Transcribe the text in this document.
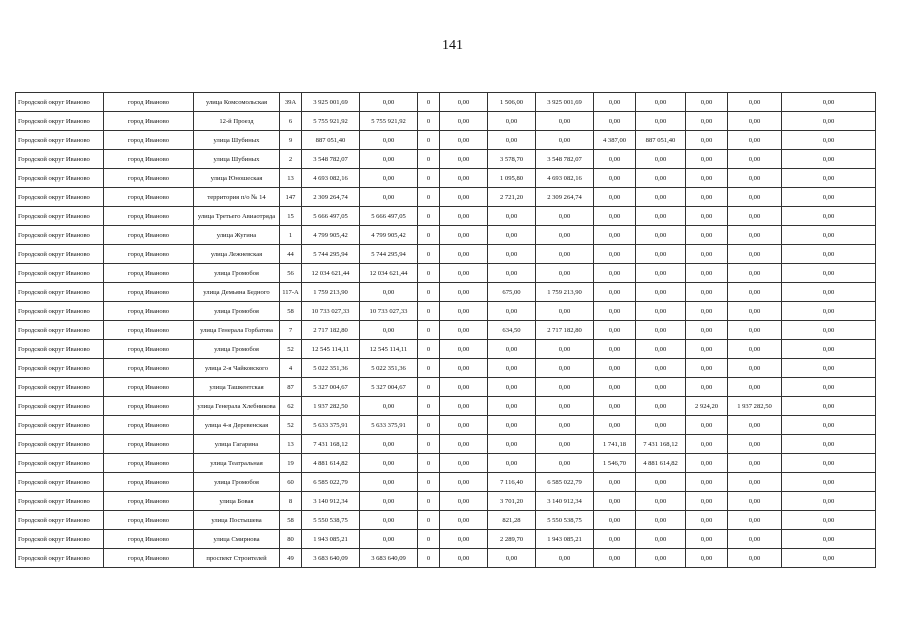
141
Городской округ Иваново	город Иваново	улица Комсомольская	39А	3 925 001,69	0,00	0	0,00	1 506,00	3 925 001,69	0,00	0,00	0,00	0,00	0,00
Городской округ Иваново	город Иваново	12-й Проезд	6	5 755 921,92	5 755 921,92	0	0,00	0,00	0,00	0,00	0,00	0,00	0,00	0,00
Городской округ Иваново	город Иваново	улица Шубиных	9	887 051,40	0,00	0	0,00	0,00	0,00	4 387,00	887 051,40	0,00	0,00	0,00
Городской округ Иваново	город Иваново	улица Шубиных	2	3 548 782,07	0,00	0	0,00	3 578,70	3 548 782,07	0,00	0,00	0,00	0,00	0,00
Городской округ Иваново	город Иваново	улица Юношеская	13	4 693 082,16	0,00	0	0,00	1 095,80	4 693 082,16	0,00	0,00	0,00	0,00	0,00
Городской округ Иваново	город Иваново	территория п/о № 14	147	2 309 264,74	0,00	0	0,00	2 721,20	2 309 264,74	0,00	0,00	0,00	0,00	0,00
Городской округ Иваново	город Иваново	улица Третьего Авиаотряда	15	5 666 497,05	5 666 497,05	0	0,00	0,00	0,00	0,00	0,00	0,00	0,00	0,00
Городской округ Иваново	город Иваново	улица Жугина	1	4 799 905,42	4 799 905,42	0	0,00	0,00	0,00	0,00	0,00	0,00	0,00	0,00
Городской округ Иваново	город Иваново	улица Лежневская	44	5 744 295,94	5 744 295,94	0	0,00	0,00	0,00	0,00	0,00	0,00	0,00	0,00
Городской округ Иваново	город Иваново	улица Громобоя	56	12 034 621,44	12 034 621,44	0	0,00	0,00	0,00	0,00	0,00	0,00	0,00	0,00
Городской округ Иваново	город Иваново	улица Демьяна Бедного	117-А	1 759 213,90	0,00	0	0,00	675,00	1 759 213,90	0,00	0,00	0,00	0,00	0,00
Городской округ Иваново	город Иваново	улица Громобоя	58	10 733 027,33	10 733 027,33	0	0,00	0,00	0,00	0,00	0,00	0,00	0,00	0,00
Городской округ Иваново	город Иваново	улица Генерала Горбатова	7	2 717 182,80	0,00	0	0,00	634,50	2 717 182,80	0,00	0,00	0,00	0,00	0,00
Городской округ Иваново	город Иваново	улица Громобоя	52	12 545 114,11	12 545 114,11	0	0,00	0,00	0,00	0,00	0,00	0,00	0,00	0,00
Городской округ Иваново	город Иваново	улица 2-я Чайковского	4	5 022 351,36	5 022 351,36	0	0,00	0,00	0,00	0,00	0,00	0,00	0,00	0,00
Городской округ Иваново	город Иваново	улица Ташкентская	87	5 327 004,67	5 327 004,67	0	0,00	0,00	0,00	0,00	0,00	0,00	0,00	0,00
Городской округ Иваново	город Иваново	улица Генерала Хлебникова	62	1 937 282,50	0,00	0	0,00	0,00	0,00	0,00	0,00	2 924,20	1 937 282,50	0,00
Городской округ Иваново	город Иваново	улица 4-я Деревенская	52	5 633 375,91	5 633 375,91	0	0,00	0,00	0,00	0,00	0,00	0,00	0,00	0,00
Городской округ Иваново	город Иваново	улица Гагарина	13	7 431 168,12	0,00	0	0,00	0,00	0,00	1 741,18	7 431 168,12	0,00	0,00	0,00
Городской округ Иваново	город Иваново	улица Театральная	19	4 881 614,82	0,00	0	0,00	0,00	0,00	1 546,70	4 881 614,82	0,00	0,00	0,00
Городской округ Иваново	город Иваново	улица Громобоя	60	6 585 022,79	0,00	0	0,00	7 116,40	6 585 022,79	0,00	0,00	0,00	0,00	0,00
Городской округ Иваново	город Иваново	улица Бовая	8	3 140 912,34	0,00	0	0,00	3 701,20	3 140 912,34	0,00	0,00	0,00	0,00	0,00
Городской округ Иваново	город Иваново	улица Постышева	58	5 550 538,75	0,00	0	0,00	821,28	5 550 538,75	0,00	0,00	0,00	0,00	0,00
Городской округ Иваново	город Иваново	улица Смирнова	80	1 943 085,21	0,00	0	0,00	2 289,70	1 943 085,21	0,00	0,00	0,00	0,00	0,00
Городской округ Иваново	город Иваново	проспект Строителей	49	3 683 640,09	3 683 640,09	0	0,00	0,00	0,00	0,00	0,00	0,00	0,00	0,00
